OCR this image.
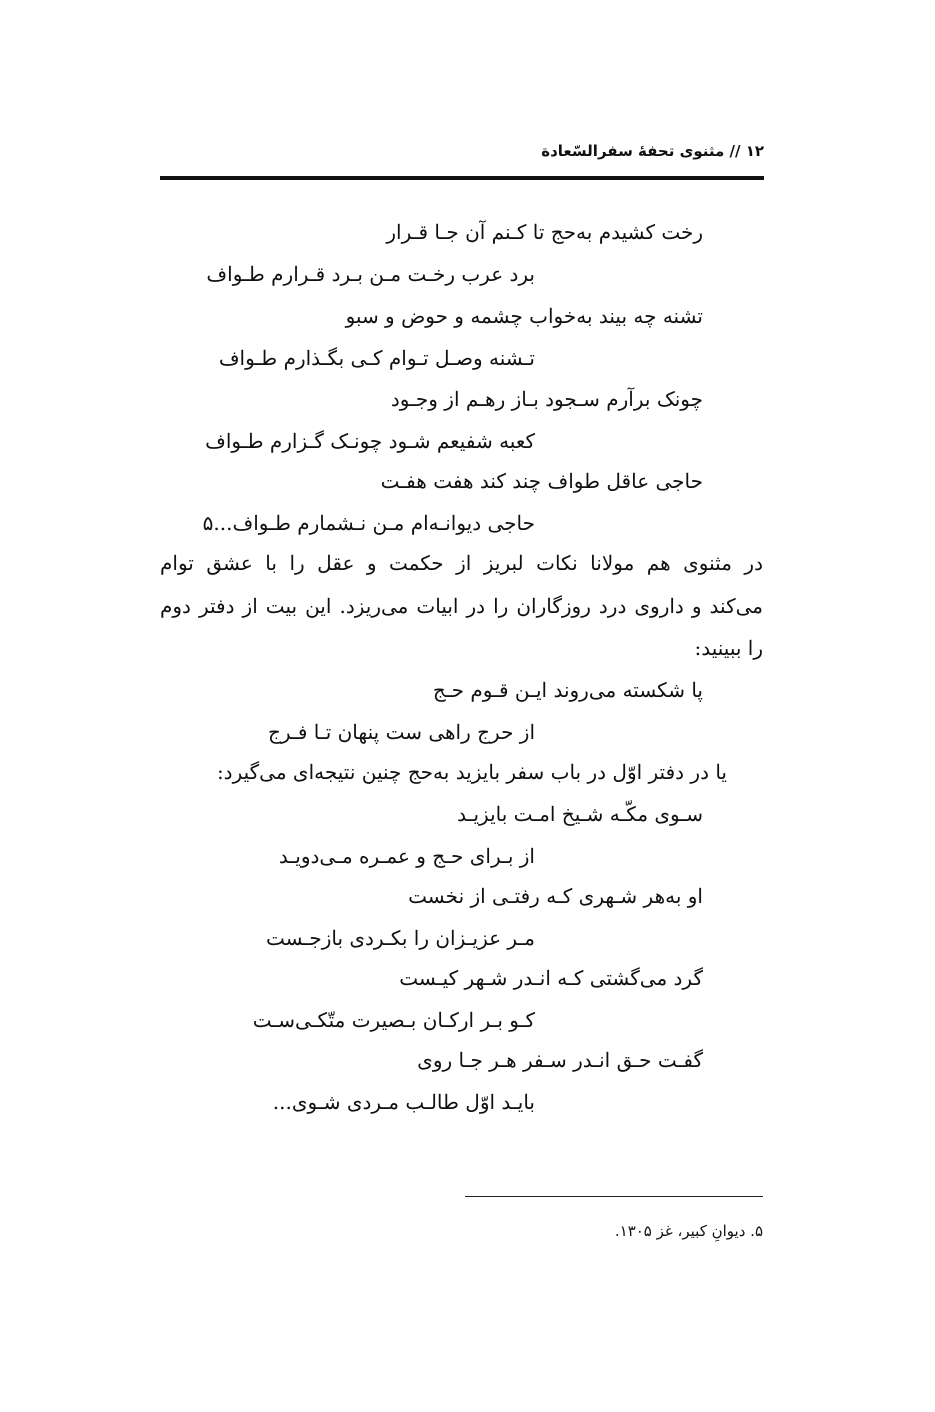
۱۲ // مثنوی تحفۀ سفرالسّعادة
رخت کشیدم به‌حج تا کـنم آن جـا قـرار
برد عرب رخـت مـن بـرد قـرارم طـواف
تشنه چه بیند به‌خواب چشمه و حوض و سبو
تـشنه وصـل تـوام کـی بگـذارم طـواف
چونک برآرم سـجود بـاز رهـم از وجـود
کعبه شفیعم شـود چونـک گـزارم طـواف
حاجی عاقل طواف چند کند هفت هفـت
حاجی دیوانـه‌ام مـن نـشمارم طـواف...۵
در مثنوی هم مولانا نکات لبریز از حکمت و عقل را با عشق توام
می‌کند و داروی درد روزگاران را در ابیات می‌ریزد. این بیت از دفتر دوم
را ببینید:
پا شکسته می‌روند ایـن قـوم حـج
از حرج راهی ست پنهان تـا فـرج
یا در دفتر اوّل در باب سفر بایزید به‌حج چنین نتیجه‌ای می‌گیرد:
سـوی مکّـه شـیخ امـت بایزیـد
از بـرای حـج و عمـره مـی‌دویـد
او به‌هر شـهری کـه رفتـی از نخست
مـر عزیـزان را بکـردی بازجـست
گرد می‌گشتی کـه انـدر شـهر کیـست
کـو بـر ارکـان بـصیرت متّکـی‌سـت
گفـت حـق انـدر سـفر هـر جـا روی
بایـد اوّل طالـب مـردی شـوی...
۵. دیوانِ کبیر، غز ۱۳۰۵.
